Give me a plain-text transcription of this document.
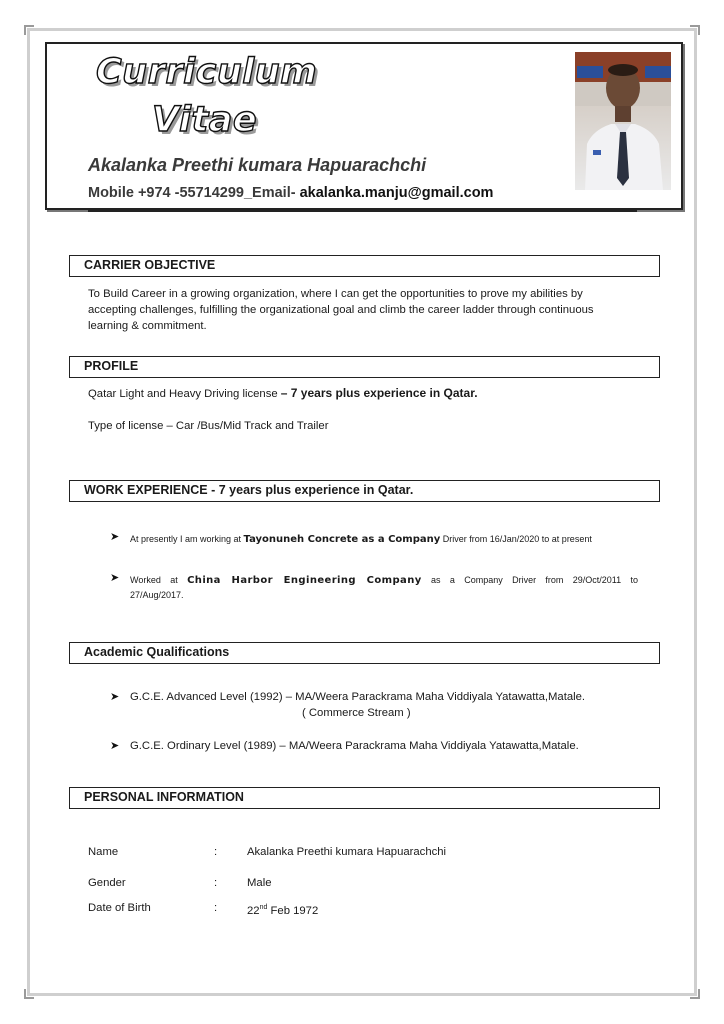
Curriculum
Vitae
Akalanka Preethi kumara Hapuarachchi
Mobile +974 -55714299_Email- akalanka.manju@gmail.com
CARRIER OBJECTIVE
To Build Career in a growing organization, where I can get the opportunities to prove my abilities by
accepting challenges, fulfilling the organizational goal and climb the career ladder through continuous
learning & commitment.
PROFILE
Qatar Light and Heavy Driving license – 7 years plus experience in Qatar.
Type of license – Car /Bus/Mid Track and Trailer
WORK EXPERIENCE - 7 years plus experience in Qatar.
➤ At presently I am working at Tayonuneh Concrete as a Company Driver from 16/Jan/2020 to at present
➤ Worked at China Harbor Engineering Company as a Company Driver from 29/Oct/2011 to
27/Aug/2017.
Academic Qualifications
➤ G.C.E. Advanced Level (1992) – MA/Weera Parackrama Maha Viddiyala Yatawatta,Matale.
( Commerce Stream )
➤ G.C.E. Ordinary Level (1989) – MA/Weera Parackrama Maha Viddiyala Yatawatta,Matale.
PERSONAL INFORMATION
Name	:	Akalanka Preethi kumara Hapuarachchi
Gender	:	Male
Date of Birth	:	22nd Feb 1972
